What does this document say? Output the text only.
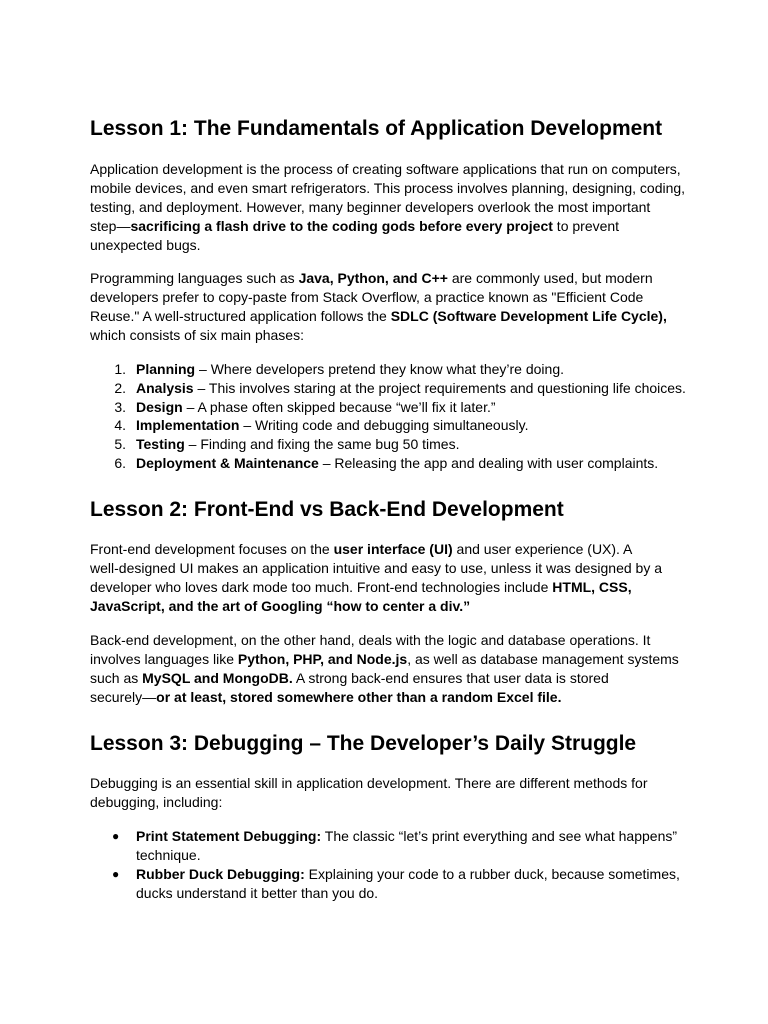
Lesson 1: The Fundamentals of Application Development
Application development is the process of creating software applications that run on computers,
mobile devices, and even smart refrigerators. This process involves planning, designing, coding,
testing, and deployment. However, many beginner developers overlook the most important
step—sacrificing a flash drive to the coding gods before every project to prevent
unexpected bugs.
Programming languages such as Java, Python, and C++ are commonly used, but modern
developers prefer to copy-paste from Stack Overflow, a practice known as "Efficient Code
Reuse." A well-structured application follows the SDLC (Software Development Life Cycle),
which consists of six main phases:
1. Planning – Where developers pretend they know what they’re doing.
2. Analysis – This involves staring at the project requirements and questioning life choices.
3. Design – A phase often skipped because “we’ll fix it later.”
4. Implementation – Writing code and debugging simultaneously.
5. Testing – Finding and fixing the same bug 50 times.
6. Deployment & Maintenance – Releasing the app and dealing with user complaints.
Lesson 2: Front-End vs Back-End Development
Front-end development focuses on the user interface (UI) and user experience (UX). A
well-designed UI makes an application intuitive and easy to use, unless it was designed by a
developer who loves dark mode too much. Front-end technologies include HTML, CSS,
JavaScript, and the art of Googling “how to center a div.”
Back-end development, on the other hand, deals with the logic and database operations. It
involves languages like Python, PHP, and Node.js, as well as database management systems
such as MySQL and MongoDB. A strong back-end ensures that user data is stored
securely—or at least, stored somewhere other than a random Excel file.
Lesson 3: Debugging – The Developer’s Daily Struggle
Debugging is an essential skill in application development. There are different methods for
debugging, including:
● Print Statement Debugging: The classic “let’s print everything and see what happens”
technique.
● Rubber Duck Debugging: Explaining your code to a rubber duck, because sometimes,
ducks understand it better than you do.
